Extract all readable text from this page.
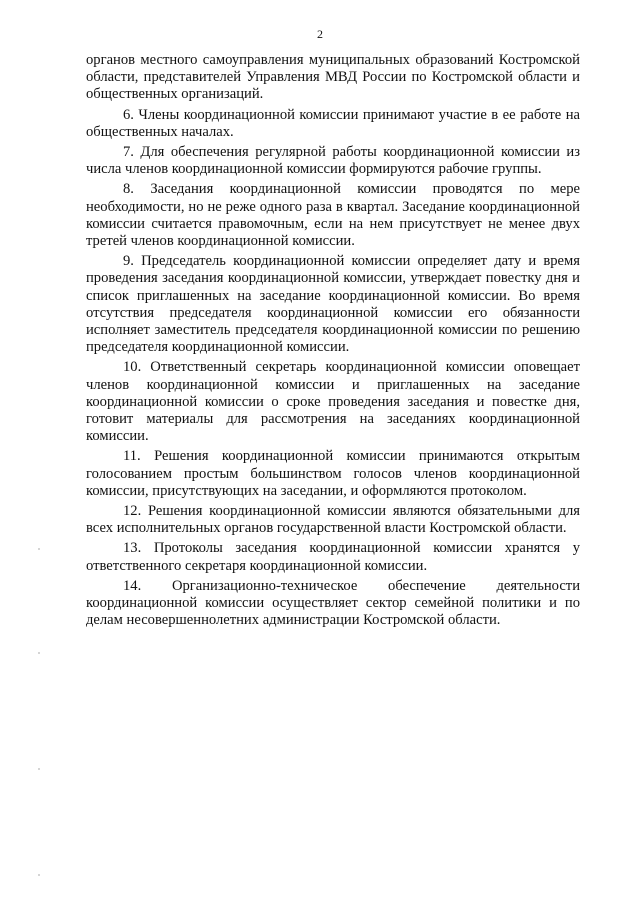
2

органов местного самоуправления муниципальных образований Костромской области, представителей Управления МВД России по Костромской области и общественных организаций.

6. Члены координационной комиссии принимают участие в ее работе на общественных началах.

7. Для обеспечения регулярной работы координационной комиссии из числа членов координационной комиссии формируются рабочие группы.

8. Заседания координационной комиссии проводятся по мере необходимости, но не реже одного раза в квартал. Заседание координационной комиссии считается правомочным, если на нем присутствует не менее двух третей членов координационной комиссии.

9. Председатель координационной комиссии определяет дату и время проведения заседания координационной комиссии, утверждает повестку дня и список приглашенных на заседание координационной комиссии. Во время отсутствия председателя координационной комиссии его обязанности исполняет заместитель председателя координационной комиссии по решению председателя координационной комиссии.

10. Ответственный секретарь координационной комиссии оповещает членов координационной комиссии и приглашенных на заседание координационной комиссии о сроке проведения заседания и повестке дня, готовит материалы для рассмотрения на заседаниях координационной комиссии.

11. Решения координационной комиссии принимаются открытым голосованием простым большинством голосов членов координационной комиссии, присутствующих на заседании, и оформляются протоколом.

12. Решения координационной комиссии являются обязательными для всех исполнительных органов государственной власти Костромской области.

13. Протоколы заседания координационной комиссии хранятся у ответственного секретаря координационной комиссии.

14. Организационно-техническое обеспечение деятельности координационной комиссии осуществляет сектор семейной политики и по делам несовершеннолетних администрации Костромской области.
